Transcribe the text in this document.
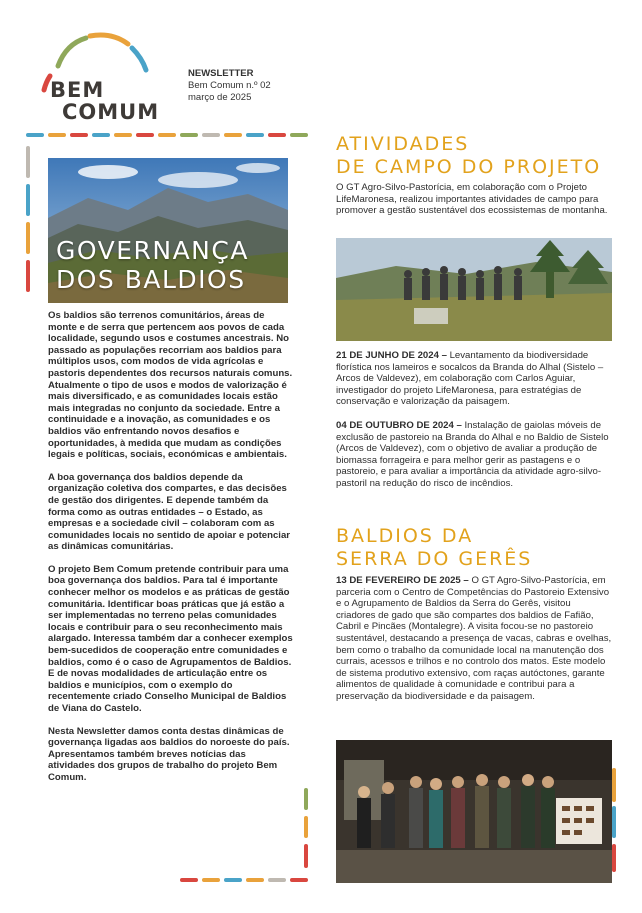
BEM
COMUM
NEWSLETTER
Bem Comum n.º 02
março de 2025
GOVERNANÇA
DOS BALDIOS

Os baldios são terrenos comunitários, áreas de monte e de serra que pertencem aos povos de cada localidade, segundo usos e costumes ancestrais. No passado as populações recorriam aos baldios para múltiplos usos, com modos de vida agrícolas e pastoris dependentes dos recursos naturais comuns. Atualmente o tipo de usos e modos de valorização é mais diversificado, e as comunidades locais estão mais integradas no conjunto da sociedade. Entre a continuidade e a inovação, as comunidades e os baldios vão enfrentando novos desafios e oportunidades, à medida que mudam as condições legais e políticas, sociais, económicas e ambientais.

A boa governança dos baldios depende da organização coletiva dos compartes, e das decisões de gestão dos dirigentes. E depende também da forma como as outras entidades – o Estado, as empresas e a sociedade civil – colaboram com as comunidades locais no sentido de apoiar e potenciar as dinâmicas comunitárias.

O projeto Bem Comum pretende contribuir para uma boa governança dos baldios. Para tal é importante conhecer melhor os modelos e as práticas de gestão comunitária. Identificar boas práticas que já estão a ser implementadas no terreno pelas comunidades locais e contribuir para o seu reconhecimento mais alargado. Interessa também dar a conhecer exemplos bem-sucedidos de cooperação entre comunidades e baldios, como é o caso de Agrupamentos de Baldios. E de novas modalidades de articulação entre os baldios e municípios, com o exemplo do recentemente criado Conselho Municipal de Baldios de Viana do Castelo.

Nesta Newsletter damos conta destas dinâmicas de governança ligadas aos baldios do noroeste do país. Apresentamos também breves notícias das atividades dos grupos de trabalho do projeto Bem Comum.

ATIVIDADES
DE CAMPO DO PROJETO
O GT Agro-Silvo-Pastorícia, em colaboração com o Projeto LifeMaronesa, realizou importantes atividades de campo para promover a gestão sustentável dos ecossistemas de montanha.
21 DE JUNHO DE 2024 – Levantamento da biodiversidade florística nos lameiros e socalcos da Branda do Alhal (Sistelo – Arcos de Valdevez), em colaboração com Carlos Aguiar, investigador do projeto LifeMaronesa, para estratégias de conservação e valorização da paisagem.
04 DE OUTUBRO DE 2024 – Instalação de gaiolas móveis de exclusão de pastoreio na Branda do Alhal e no Baldio de Sistelo (Arcos de Valdevez), com o objetivo de avaliar a produção de biomassa forrageira e para melhor gerir as pastagens e o pastoreio, e para avaliar a importância da atividade agro-silvo-pastoril na redução do risco de incêndios.
BALDIOS DA
SERRA DO GERÊS
13 DE FEVEREIRO DE 2025 – O GT Agro-Silvo-Pastorícia, em parceria com o Centro de Competências do Pastoreio Extensivo e o Agrupamento de Baldios da Serra do Gerês, visitou criadores de gado que são compartes dos baldios de Fafião, Cabril e Pincães (Montalegre). A visita focou-se no pastoreio sustentável, destacando a presença de vacas, cabras e ovelhas, bem como o trabalho da comunidade local na manutenção dos currais, acessos e trilhos e no controlo dos matos. Este modelo de sistema produtivo extensivo, com raças autóctones, garante alimentos de qualidade à comunidade e contribui para a preservação da biodiversidade e da paisagem.
